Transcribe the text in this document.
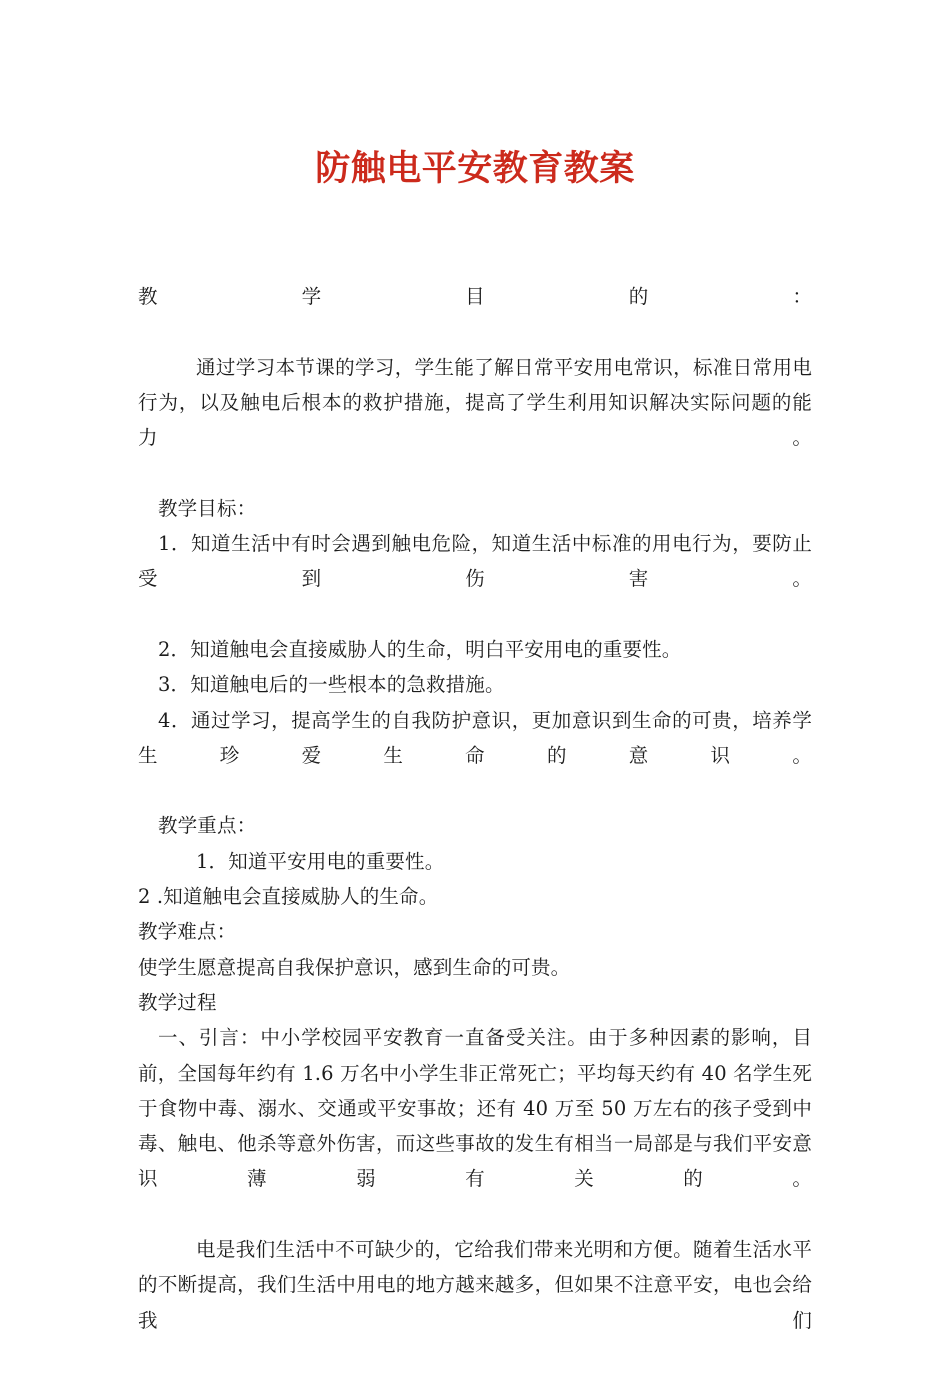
防触电平安教育教案

教学目的：

通过学习本节课的学习，学生能了解日常平安用电常识，标准日常用电行为，以及触电后根本的救护措施，提高了学生利用知识解决实际问题的能力。

教学目标：

1．知道生活中有时会遇到触电危险，知道生活中标准的用电行为，要防止受到伤害。

2．知道触电会直接威胁人的生命，明白平安用电的重要性。

3．知道触电后的一些根本的急救措施。

4．通过学习，提高学生的自我防护意识，更加意识到生命的可贵，培养学生珍爱生命的意识。

教学重点：

1．知道平安用电的重要性。

2 .知道触电会直接威胁人的生命。

教学难点：

使学生愿意提高自我保护意识，感到生命的可贵。

教学过程

一、引言：中小学校园平安教育一直备受关注。由于多种因素的影响，目前，全国每年约有 1.6 万名中小学生非正常死亡；平均每天约有 40 名学生死于食物中毒、溺水、交通或平安事故；还有 40 万至 50 万左右的孩子受到中毒、触电、他杀等意外伤害，而这些事故的发生有相当一局部是与我们平安意识薄弱有关的。

电是我们生活中不可缺少的，它给我们带来光明和方便。随着生活水平的不断提高，我们生活中用电的地方越来越多，但如果不注意平安，电也会给我们
